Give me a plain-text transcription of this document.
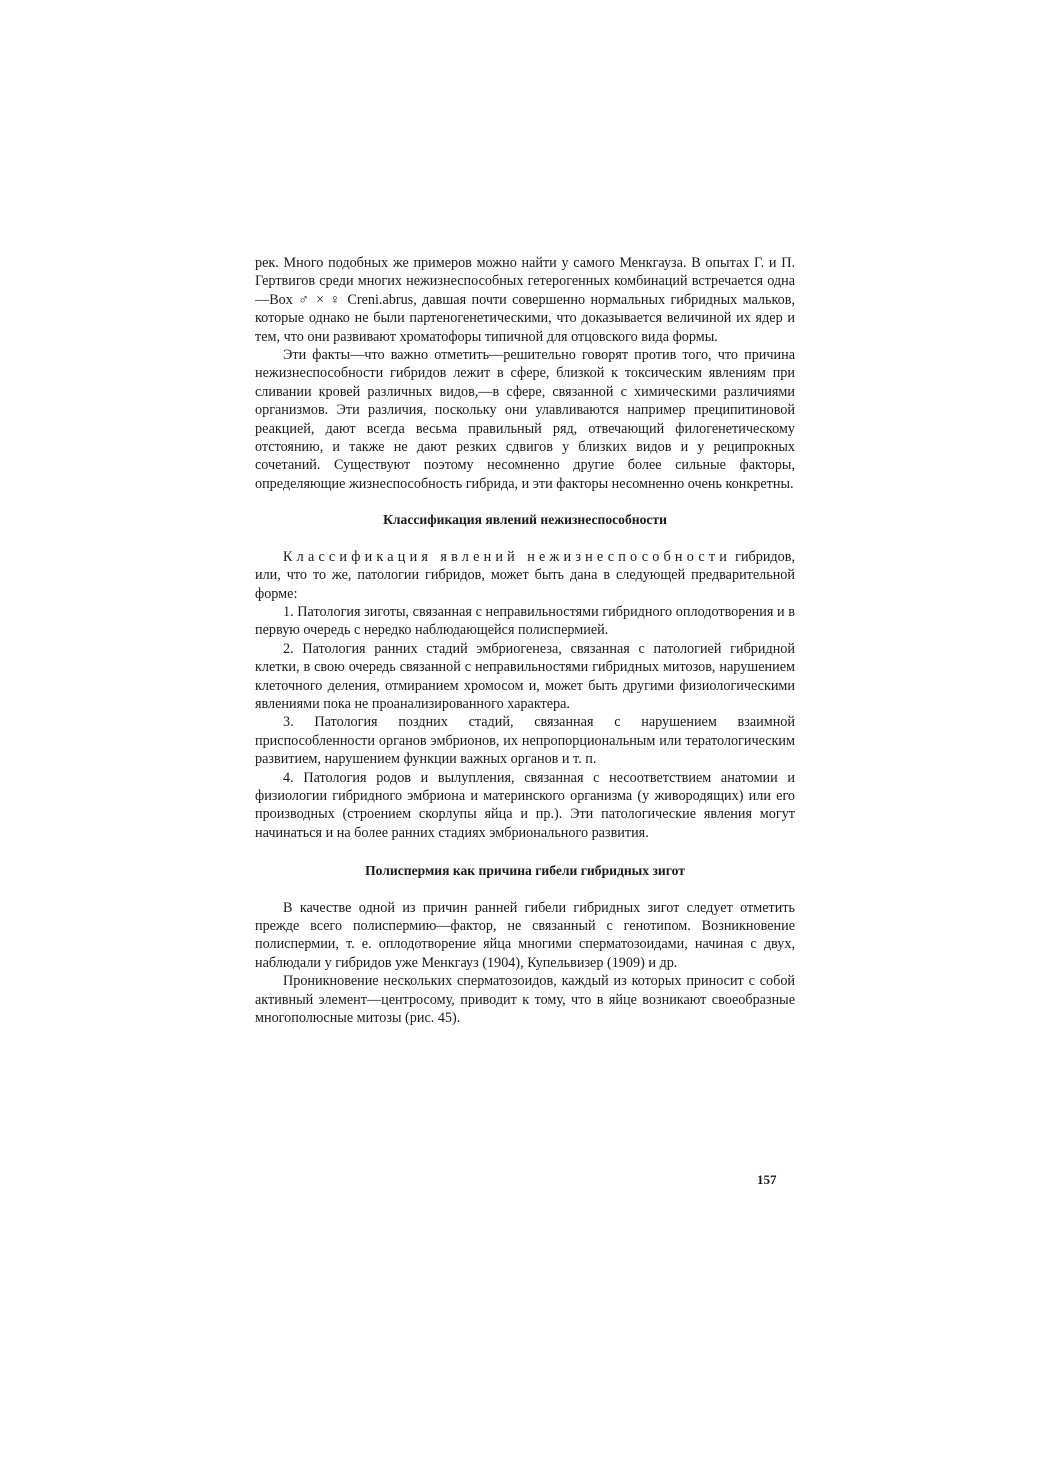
рек. Много подобных же примеров можно найти у самого Менкгауза. В опытах Г. и П. Гертвигов среди многих нежизнеспособных гетерогенных комбинаций встречается одна—Box ♂ × ♀ Creni.abrus, давшая почти совершенно нормальных гибридных мальков, которые однако не были партеногенетическими, что доказывается величиной их ядер и тем, что они развивают хроматофоры типичной для отцовского вида формы.

Эти факты—что важно отметить—решительно говорят против того, что причина нежизнеспособности гибридов лежит в сфере, близкой к токсическим явлениям при сливании кровей различных видов,—в сфере, связанной с химическими различиями организмов. Эти различия, поскольку они улавливаются например преципитиновой реакцией, дают всегда весьма правильный ряд, отвечающий филогенетическому отстоянию, и также не дают резких сдвигов у близких видов и у реципрокных сочетаний. Существуют поэтому несомненно другие более сильные факторы, определяющие жизнеспособность гибрида, и эти факторы несомненно очень конкретны.

Классификация явлений нежизнеспособности

Классификация явлений нежизнеспособности гибридов, или, что то же, патологии гибридов, может быть дана в следующей предварительной форме:

1. Патология зиготы, связанная с неправильностями гибридного оплодотворения и в первую очередь с нередко наблюдающейся полиспермией.

2. Патология ранних стадий эмбриогенеза, связанная с патологией гибридной клетки, в свою очередь связанной с неправильностями гибридных митозов, нарушением клеточного деления, отмиранием хромосом и, может быть другими физиологическими явлениями пока не проанализированного характера.

3. Патология поздних стадий, связанная с нарушением взаимной приспособленности органов эмбрионов, их непропорциональным или тератологическим развитием, нарушением функции важных органов и т. п.

4. Патология родов и вылупления, связанная с несоответствием анатомии и физиологии гибридного эмбриона и материнского организма (у живородящих) или его производных (строением скорлупы яйца и пр.). Эти патологические явления могут начинаться и на более ранних стадиях эмбрионального развития.

Полиспермия как причина гибели гибридных зигот

В качестве одной из причин ранней гибели гибридных зигот следует отметить прежде всего полиспермию—фактор, не связанный с генотипом. Возникновение полиспермии, т. е. оплодотворение яйца многими сперматозоидами, начиная с двух, наблюдали у гибридов уже Менкгауз (1904), Купельвизер (1909) и др.

Проникновение нескольких сперматозоидов, каждый из которых приносит с собой активный элемент—центросому, приводит к тому, что в яйце возникают своеобразные многополюсные митозы (рис. 45).

157
